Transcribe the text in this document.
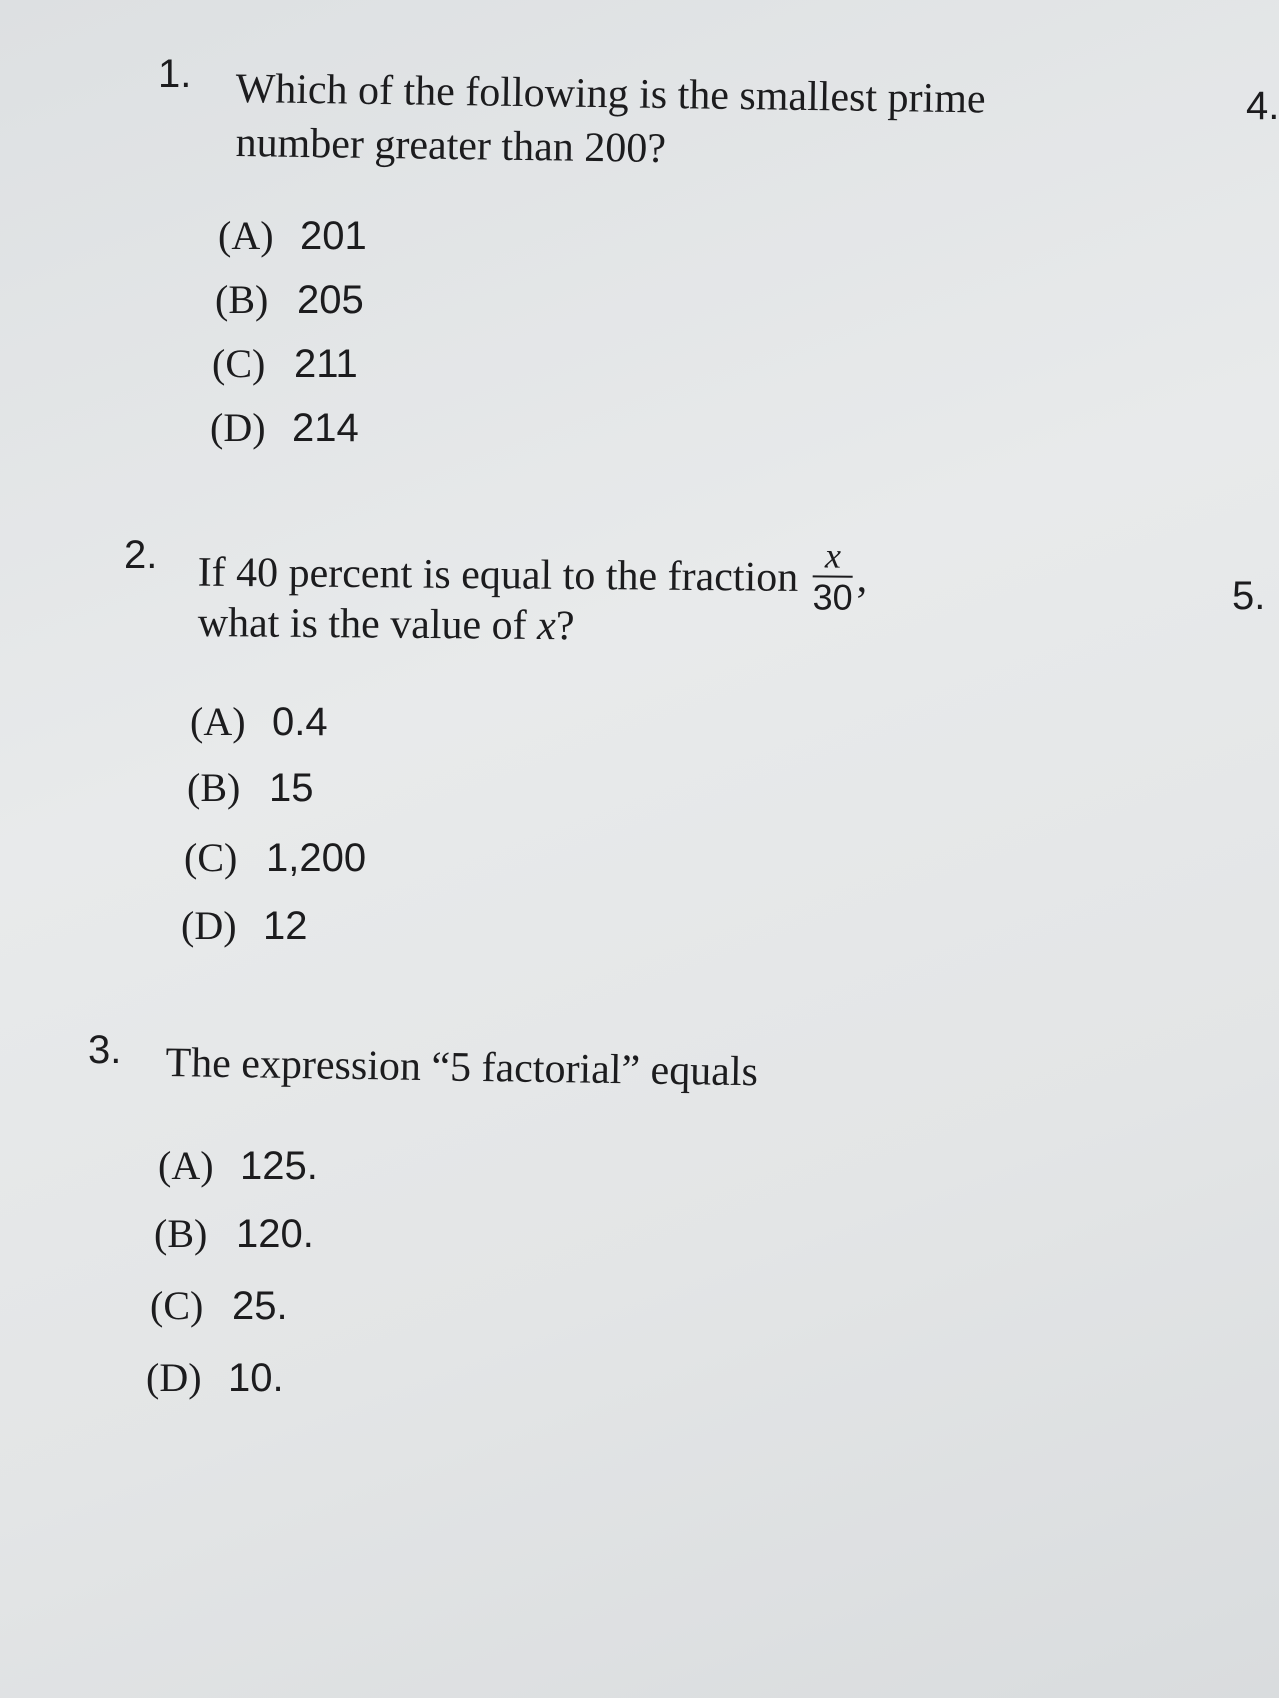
1. Which of the following is the smallest prime
number greater than 200?
(A) 201
(B) 205
(C) 211
(D) 214
2. If 40 percent is equal to the fraction $\frac{x}{30}$ ,
what is the value of x?
(A) 0.4
(B) 15
(C) 1,200
(D) 12
3. The expression “5 factorial” equals
(A) 125.
(B) 120.
(C) 25.
(D) 10.
4.
5.
